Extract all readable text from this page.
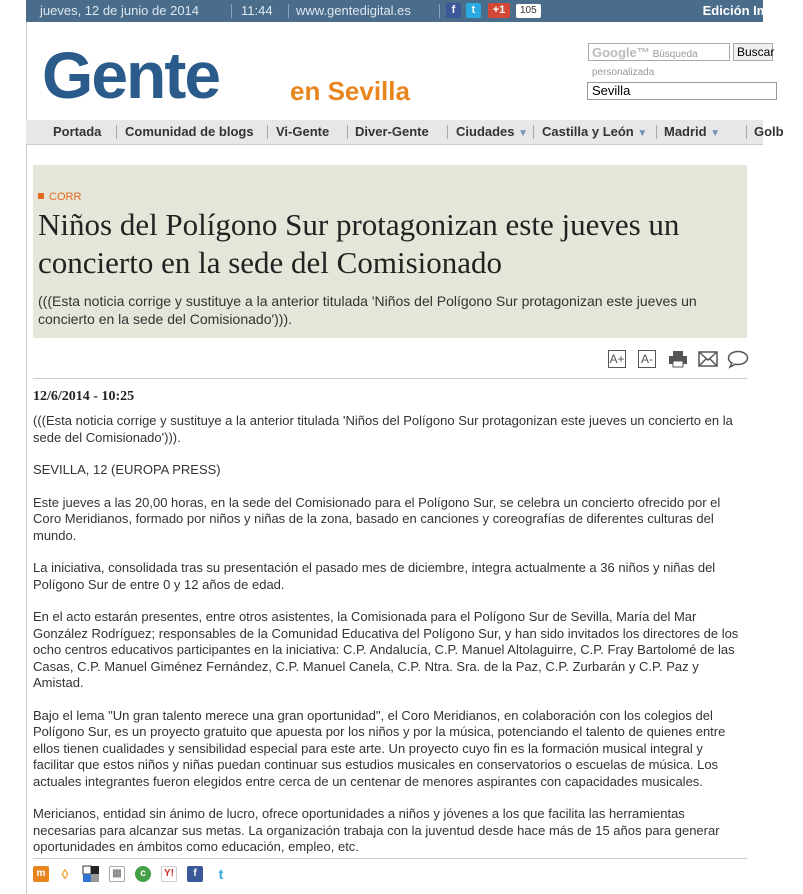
jueves, 12 de junio de 2014	11:44 www.gentedigital.es	f	t	+1	105	Edición Impresa
Gente	en Sevilla
Google™ Búsqueda personalizada
Buscar
Sevilla
Portada Comunidad de blogs Vi-Gente Diver-Gente Ciudades ▼ Castilla y León ▼ Madrid ▼	Golb
CORR
Niños del Polígono Sur protagonizan este jueves un concierto en la sede del Comisionado
(((Esta noticia corrige y sustituye a la anterior titulada 'Niños del Polígono Sur protagonizan este jueves un concierto en la sede del Comisionado'))).
A+ A-
12/6/2014 - 10:25

(((Esta noticia corrige y sustituye a la anterior titulada 'Niños del Polígono Sur protagonizan este jueves un concierto en la sede del Comisionado'))).

SEVILLA, 12 (EUROPA PRESS)

Este jueves a las 20,00 horas, en la sede del Comisionado para el Polígono Sur, se celebra un concierto ofrecido por el Coro Meridianos, formado por niños y niñas de la zona, basado en canciones y coreografías de diferentes culturas del mundo.

La iniciativa, consolidada tras su presentación el pasado mes de diciembre, integra actualmente a 36 niños y niñas del Polígono Sur de entre 0 y 12 años de edad.

En el acto estarán presentes, entre otros asistentes, la Comisionada para el Polígono Sur de Sevilla, María del Mar González Rodríguez; responsables de la Comunidad Educativa del Polígono Sur, y han sido invitados los directores de los ocho centros educativos participantes en la iniciativa: C.P. Andalucía, C.P. Manuel Altolaguirre, C.P. Fray Bartolomé de las Casas, C.P. Manuel Giménez Fernández, C.P. Manuel Canela, C.P. Ntra. Sra. de la Paz, C.P. Zurbarán y C.P. Paz y Amistad.

Bajo el lema "Un gran talento merece una gran oportunidad", el Coro Meridianos, en colaboración con los colegios del Polígono Sur, es un proyecto gratuito que apuesta por los niños y por la música, potenciando el talento de quienes entre ellos tienen cualidades y sensibilidad especial para este arte. Un proyecto cuyo fin es la formación musical integral y facilitar que estos niños y niñas puedan continuar sus estudios musicales en conservatorios o escuelas de música. Los actuales integrantes fueron elegidos entre cerca de un centenar de menores aspirantes con capacidades musicales.

Mericianos, entidad sin ánimo de lucro, ofrece oportunidades a niños y jóvenes a los que facilita las herramientas necesarias para alcanzar sus metas. La organización trabaja con la juventud desde hace más de 15 años para generar oportunidades en ámbitos como educación, empleo, etc.

m	◊	▦	c	Y!	f	t
